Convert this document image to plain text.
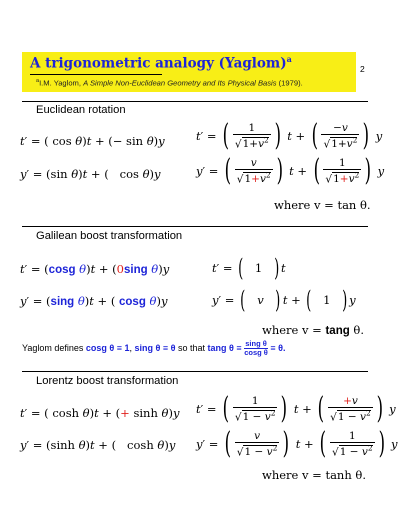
A trigonometric analogy (Yaglom)$^a$
$^a$I.M. Yaglom, A Simple Non-Euclidean Geometry and Its Physical Basis (1979).
2
Euclidean rotation
t′ = ( cos θ)t + (− sin θ)y
y′ = (sin θ)t + (   cos θ)y
t ′ = ( $\frac{1}{√1+v^2}$ )
t + ( $\frac{-v}{√1+v^2}$ )
y
y ′ = ( $\frac{v}{√1+v^2}$ )
t + ( $\frac{1}{√1+v^2}$ )
y
where v = tan θ.
Galilean boost transformation
t′ = (cosg θ)t + (0sing θ)y
y′ = (sing θ)t + ( cosg θ)y
t ′ = ( 1 ) t
y ′ = (	v ) t + ( 1 ) y
where v = tang θ.
Yaglom defines cosg θ ≡ 1, sing θ ≡ θ so that tang $\theta \equiv \frac{\text{sing θ}}{\text{cosg θ}} \equiv \theta$.
Lorentz boost transformation
t′ = ( cosh θ)t + (+ sinh θ)y
y′ = (sinh θ)t + (   cosh θ)y
t ′ = ( $\frac{1}{√1 - v^2}$ )
t + ( $\frac{+v}{√1 - v^2}$ )
y
y ′ = ( $\frac{v}{√1 - v^2}$ )
t + ( $\frac{1}{√1 - v^2}$ )
y
where v = tanh θ.
